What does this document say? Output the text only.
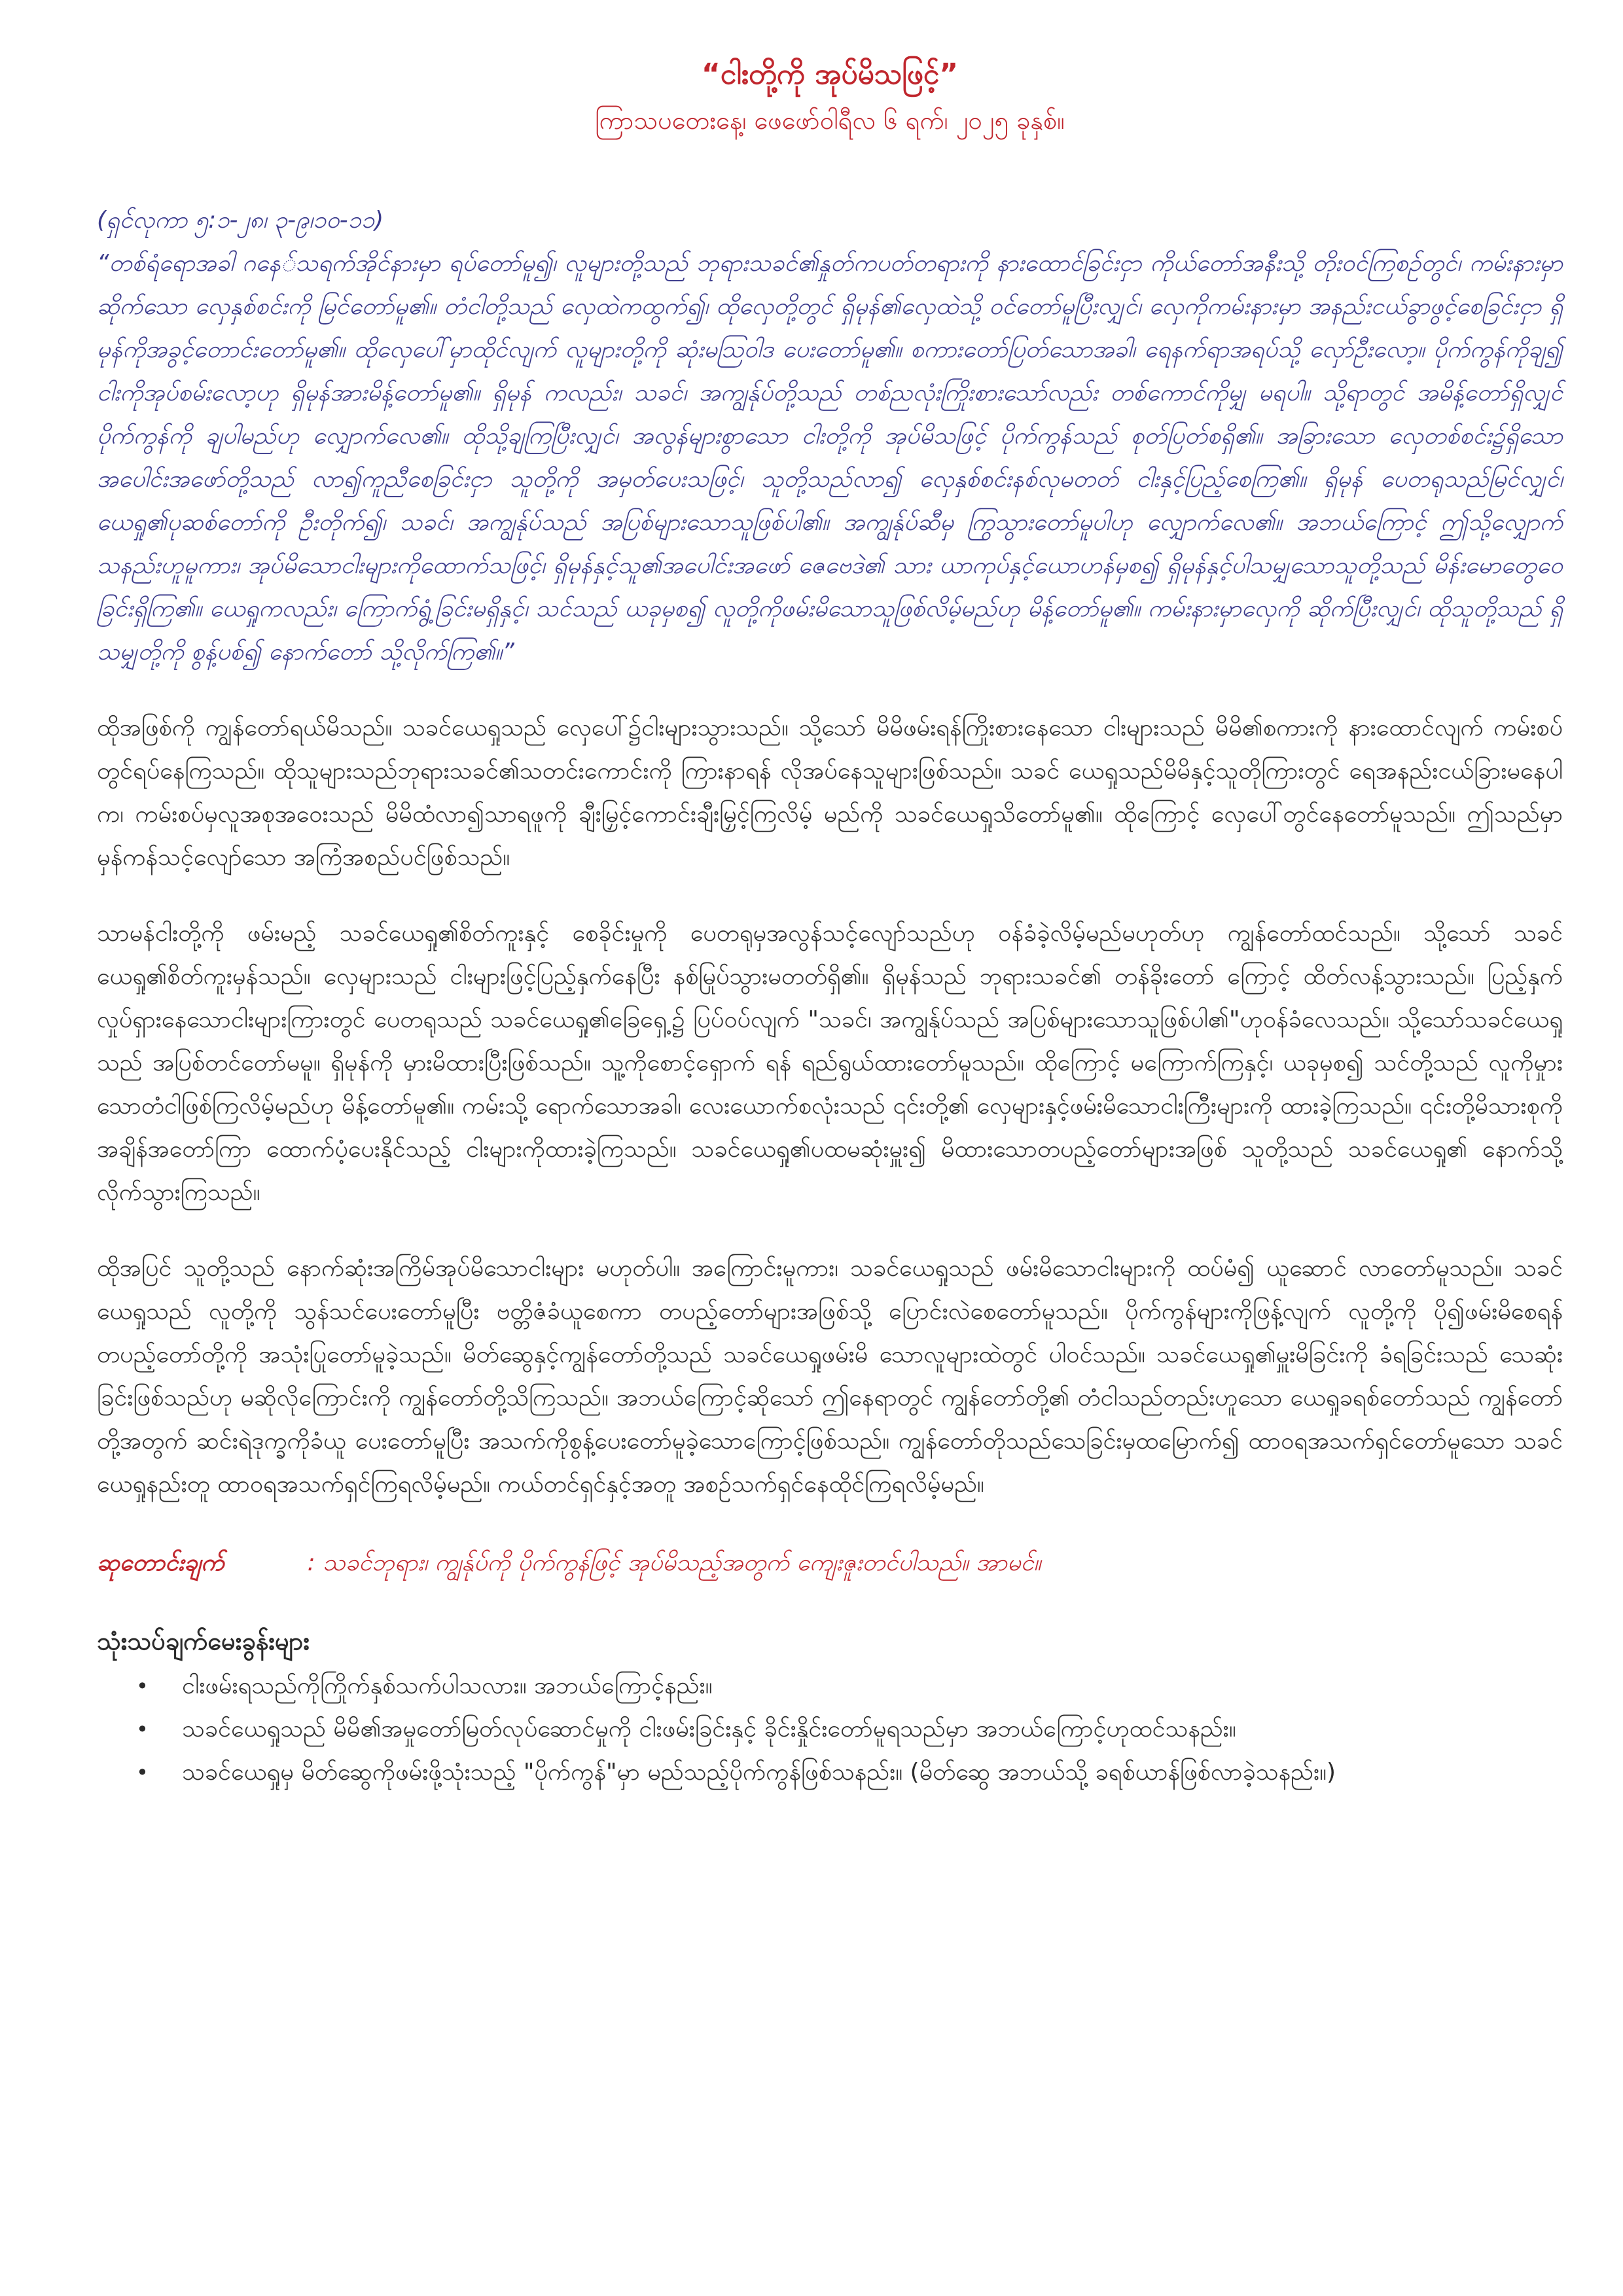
“ငါးတို့ကို အုပ်မိသဖြင့်”

ကြာသပတေးနေ့၊ ဖေဖော်ဝါရီလ ၆ ရက်၊ ၂၀၂၅ ခုနှစ်။

(ရှင်လုကာ ၅:၁-၂၈၊ ၃-၉၊၁၀-၁၁)
“တစ်ရံရောအခါ ဂနေ်သရက်အိုင်နားမှာ ရပ်တော်မူ၍၊ လူများတို့သည် ဘုရားသခင်၏နှုတ်ကပတ်တရားကို နားထောင်ခြင်းငှာ ကိုယ်တော်အနီးသို့ တိုးဝင်ကြစဉ်တွင်၊ ကမ်းနားမှာဆိုက်သော လှေနှစ်စင်းကို မြင်တော်မူ၏။ တံငါတို့သည် လှေထဲကထွက်၍၊ ထိုလှေတို့တွင် ရှိမုန်၏လှေထဲသို့ ဝင်တော်မူပြီးလျှင်၊ လှေကိုကမ်းနားမှာ အနည်းငယ်ခွာဖွင့်စေခြင်းငှာ ရှိမုန်ကိုအခွင့်တောင်းတော်မူ၏။ ထိုလှေပေါ်မှာထိုင်လျက် လူများတို့ကို ဆုံးမဩဝါဒ ပေးတော်မူ၏။ စကားတော်ပြတ်သောအခါ၊ ရေနက်ရာအရပ်သို့ လှော်ဦးလော့။ ပိုက်ကွန်ကိုချ၍ ငါးကိုအုပ်စမ်းလော့ဟု ရှိမုန်အားမိန့်တော်မူ၏။ ရှိမုန် ကလည်း၊ သခင်၊ အကျွန်ုပ်တို့သည် တစ်ညလုံးကြိုးစားသော်လည်း တစ်ကောင်ကိုမျှ မရပါ။ သို့ရာတွင် အမိန့်တော်ရှိလျှင် ပိုက်ကွန်ကို ချပါမည်ဟု လျှောက်လေ၏။ ထိုသို့ချကြပြီးလျှင်၊ အလွန်များစွာသော ငါးတို့ကို အုပ်မိသဖြင့် ပိုက်ကွန်သည် စုတ်ပြတ်စရှိ၏။ အခြားသော လှေတစ်စင်း၌ရှိသော အပေါင်းအဖော်တို့သည် လာ၍ကူညီစေခြင်းငှာ သူတို့ကို အမှတ်ပေးသဖြင့်၊ သူတို့သည်လာ၍ လှေနှစ်စင်းနစ်လုမတတ် ငါးနှင့်ပြည့်စေကြ၏။ ရှိမုန် ပေတရုသည်မြင်လျှင်၊ ယေရှု၏ပုဆစ်တော်ကို ဦးတိုက်၍၊ သခင်၊ အကျွန်ုပ်သည် အပြစ်များသောသူဖြစ်ပါ၏။ အကျွန်ုပ်ဆီမှ ကြွသွားတော်မူပါဟု လျှောက်လေ၏။ အဘယ်ကြောင့် ဤသို့လျှောက်သနည်းဟူမူကား၊ အုပ်မိသောငါးများကိုထောက်သဖြင့်၊ ရှိမုန်နှင့်သူ၏အပေါင်းအဖော် ဇေဗေဒဲ၏ သား ယာကုပ်နှင့်ယောဟန်မှစ၍ ရှိမုန်နှင့်ပါသမျှသောသူတို့သည် မိန်းမောတွေဝေခြင်းရှိကြ၏။ ယေရှုကလည်း၊ ကြောက်ရွံ့ခြင်းမရှိနှင့်၊ သင်သည် ယခုမှစ၍ လူတို့ကိုဖမ်းမိသောသူဖြစ်လိမ့်မည်ဟု မိန့်တော်မူ၏။ ကမ်းနားမှာလှေကို ဆိုက်ပြီးလျှင်၊ ထိုသူတို့သည် ရှိသမျှတို့ကို စွန့်ပစ်၍ နောက်တော် သို့လိုက်ကြ၏။”

ထိုအဖြစ်ကို ကျွန်တော်ရယ်မိသည်။ သခင်ယေရှုသည် လှေပေါ်၌ငါးများသွားသည်။ သို့သော် မိမိဖမ်းရန်ကြိုးစားနေသော ငါးများသည် မိမိ၏စကားကို နားထောင်လျက် ကမ်းစပ်တွင်ရပ်နေကြသည်။ ထိုသူများသည်ဘုရားသခင်၏သတင်းကောင်းကို ကြားနာရန် လိုအပ်နေသူများဖြစ်သည်။ သခင် ယေရှုသည်မိမိနှင့်သူတိုကြားတွင် ရေအနည်းငယ်ခြားမနေပါက၊ ကမ်းစပ်မှလူအစုအဝေးသည် မိမိထံလာ၍သာရဖူကို ချီးမြှင့်ကောင်းချီးမြှင့်ကြလိမ့် မည်ကို သခင်ယေရှုသိတော်မူ၏။ ထိုကြောင့် လှေပေါ်တွင်နေတော်မူသည်။ ဤသည်မှာ မှန်ကန်သင့်လျော်သော အကြံအစည်ပင်ဖြစ်သည်။

သာမန်ငါးတို့ကို ဖမ်းမည့် သခင်ယေရှု၏စိတ်ကူးနှင့် စေခိုင်းမှုကို ပေတရုမှအလွန်သင့်လျော်သည်ဟု ဝန်ခံခဲ့လိမ့်မည်မဟုတ်ဟု ကျွန်တော်ထင်သည်။ သို့သော် သခင်ယေရှု၏စိတ်ကူးမှန်သည်။ လှေများသည် ငါးများဖြင့်ပြည့်နှက်နေပြီး နစ်မြုပ်သွားမတတ်ရှိ၏။ ရှိမုန်သည် ဘုရားသခင်၏ တန်ခိုးတော် ကြောင့် ထိတ်လန့်သွားသည်။ ပြည့်နှက်လှုပ်ရှားနေသောငါးများကြားတွင် ပေတရုသည် သခင်ယေရှု၏ခြေရှေ့၌ ပြပ်ဝပ်လျက် "သခင်၊ အကျွန်ုပ်သည် အပြစ်များသောသူဖြစ်ပါ၏"ဟုဝန်ခံလေသည်။ သို့သော်သခင်ယေရှုသည် အပြစ်တင်တော်မမူ။ ရှိမုန်ကို မှားမိထားပြီးဖြစ်သည်။ သူ့ကိုစောင့်ရှောက် ရန် ရည်ရွယ်ထားတော်မူသည်။ ထိုကြောင့် မကြောက်ကြနှင့်၊ ယခုမှစ၍ သင်တို့သည် လူကိုမှုားသောတံငါဖြစ်ကြလိမ့်မည်ဟု မိန့်တော်မူ၏။ ကမ်းသို့ ရောက်သောအခါ၊ လေးယောက်စလုံးသည် ၎င်းတို့၏ လှေများနှင့်ဖမ်းမိသောငါးကြီးများကို ထားခဲ့ကြသည်။ ၎င်းတို့မိသားစုကို အချိန်အတော်ကြာ ထောက်ပံ့ပေးနိုင်သည့် ငါးများကိုထားခဲ့ကြသည်။ သခင်ယေရှု၏ပထမဆုံးမှူး၍ မိထားသောတပည့်တော်များအဖြစ် သူတို့သည် သခင်ယေရှု၏ နောက်သို့ လိုက်သွားကြသည်။

ထိုအပြင် သူတို့သည် နောက်ဆုံးအကြိမ်အုပ်မိသောငါးများ မဟုတ်ပါ။ အကြောင်းမူကား၊ သခင်ယေရှုသည် ဖမ်းမိသောငါးများကို ထပ်မံ၍ ယူဆောင် လာတော်မူသည်။ သခင်ယေရှုသည် လူတို့ကို သွန်သင်ပေးတော်မူပြီး ဗတ္တိဇံခံယူစေကာ တပည့်တော်များအဖြစ်သို့ ပြောင်းလဲစေတော်မူသည်။ ပိုက်ကွန်များကိုဖြန့်လျက် လူတို့ကို ပို၍ဖမ်းမိစေရန် တပည့်တော်တို့ကို အသုံးပြုတော်မူခဲ့သည်။ မိတ်ဆွေနှင့်ကျွန်တော်တို့သည် သခင်ယေရှုဖမ်းမိ သောလူများထဲတွင် ပါဝင်သည်။ သခင်ယေရှု၏မှူးမိခြင်းကို ခံရခြင်းသည် သေဆုံးခြင်းဖြစ်သည်ဟု မဆိုလိုကြောင်းကို ကျွန်တော်တို့သိကြသည်။ အဘယ်ကြောင့်ဆိုသော် ဤနေရာတွင် ကျွန်တော်တို့၏ တံငါသည်တည်းဟူသော ယေရှုခရစ်တော်သည် ကျွန်တော်တို့အတွက် ဆင်းရဲဒုက္ခကိုခံယူ ပေးတော်မူပြီး အသက်ကိုစွန့်ပေးတော်မူခဲ့သောကြောင့်ဖြစ်သည်။ ကျွန်တော်တိုသည်သေခြင်းမှထမြောက်၍ ထာဝရအသက်ရှင်တော်မူသော သခင် ယေရှုနည်းတူ ထာဝရအသက်ရှင်ကြရလိမ့်မည်။ ကယ်တင်ရှင်နှင့်အတူ အစဉ်သက်ရှင်နေထိုင်ကြရလိမ့်မည်။

ဆုတောင်းချက်	: သခင်ဘုရား၊ ကျွန်ုပ်ကို ပိုက်ကွန်ဖြင့် အုပ်မိသည့်အတွက် ကျေးဇူးတင်ပါသည်။ အာမင်။
သုံးသပ်ချက်မေးခွန်းများ
• ငါးဖမ်းရသည်ကိုကြိုက်နှစ်သက်ပါသလား။ အဘယ်ကြောင့်နည်း။
• သခင်ယေရှုသည် မိမိ၏အမှုတော်မြတ်လုပ်ဆောင်မှုကို ငါးဖမ်းခြင်းနှင့် ခိုင်းနှိုင်းတော်မူရသည်မှာ အဘယ်ကြောင့်ဟုထင်သနည်း။
• သခင်ယေရှုမှ မိတ်ဆွေကိုဖမ်းဖို့သုံးသည့် "ပိုက်ကွန်"မှာ မည်သည့်ပိုက်ကွန်ဖြစ်သနည်း။ (မိတ်ဆွေ အဘယ်သို့ ခရစ်ယာန်ဖြစ်လာခဲ့သနည်း။)
